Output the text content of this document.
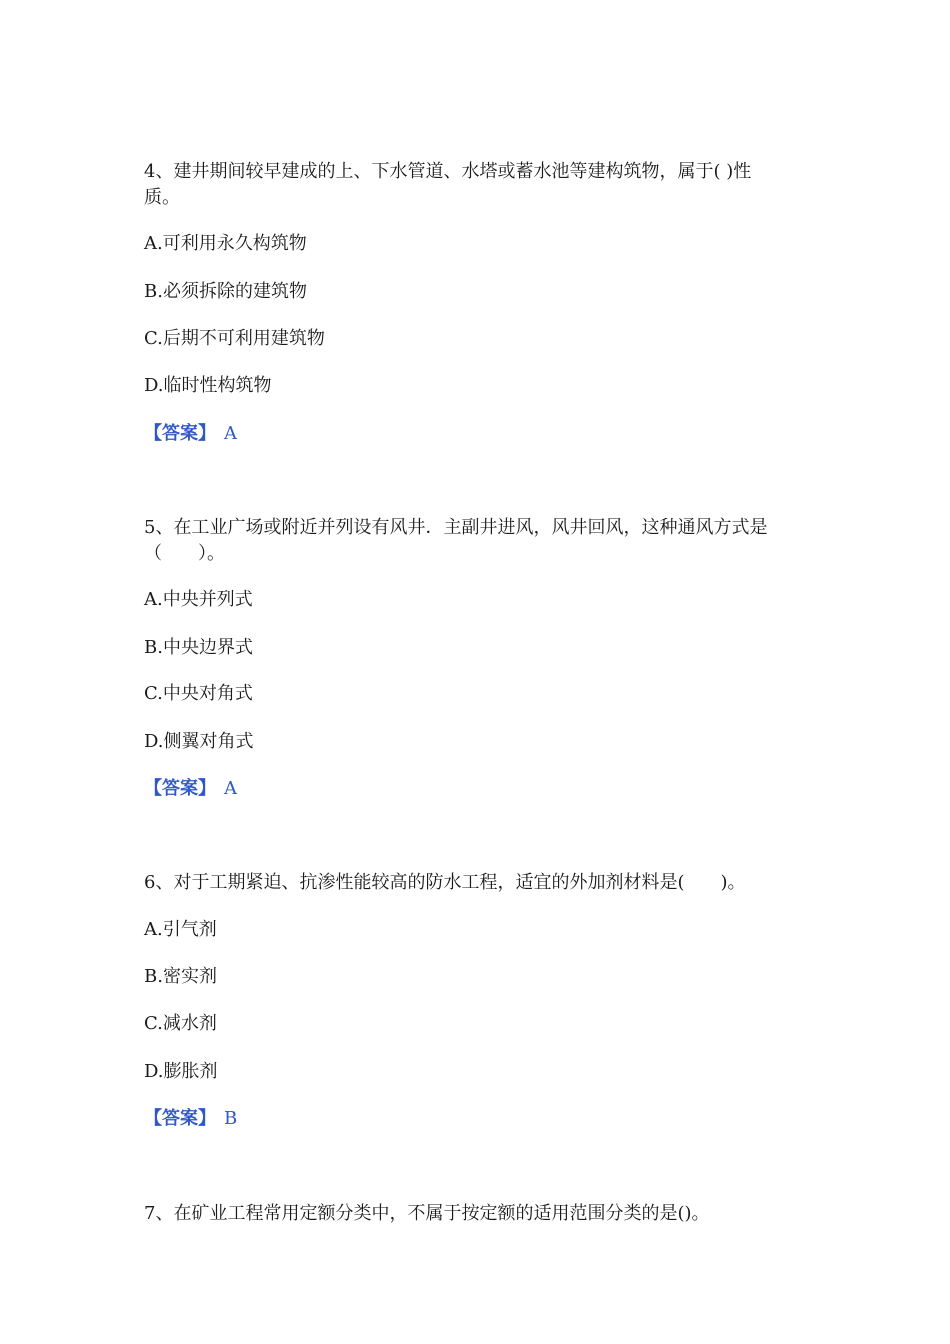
4、建井期间较早建成的上、下水管道、水塔或蓄水池等建构筑物，属于( )性
质。
A.可利用永久构筑物
B.必须拆除的建筑物
C.后期不可利用建筑物
D.临时性构筑物
【答案】 A
5、在工业广场或附近并列设有风井．主副井进风，风井回风，这种通风方式是
（　　）。
A.中央并列式
B.中央边界式
C.中央对角式
D.侧翼对角式
【答案】 A
6、对于工期紧迫、抗渗性能较高的防水工程，适宜的外加剂材料是(　　)。
A.引气剂
B.密实剂
C.减水剂
D.膨胀剂
【答案】 B
7、在矿业工程常用定额分类中，不属于按定额的适用范围分类的是()。
